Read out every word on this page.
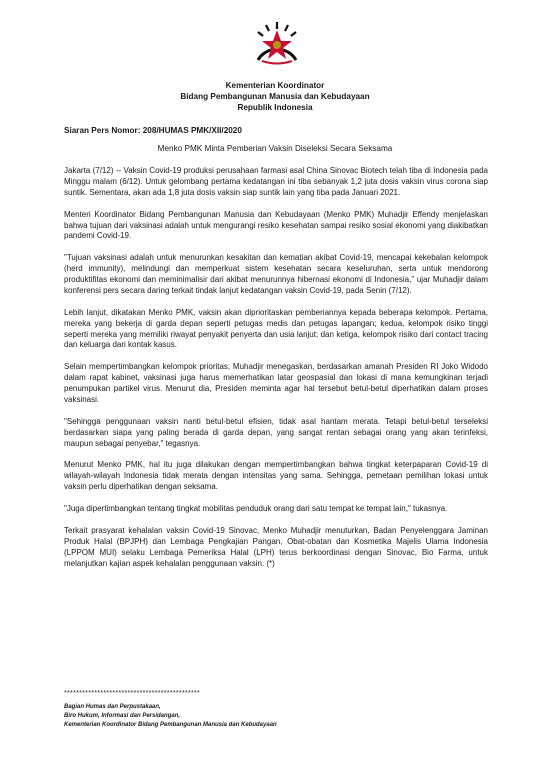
Kementerian Koordinator
Bidang Pembangunan Manusia dan Kebudayaan
Republik Indonesia
Siaran Pers Nomor: 208/HUMAS PMK/XII/2020
Menko PMK Minta Pemberian Vaksin Diseleksi Secara Seksama

Jakarta (7/12) -- Vaksin Covid-19 produksi perusahaan farmasi asal China Sinovac Biotech telah tiba di Indonesia pada Minggu malam (6/12). Untuk gelombang pertama kedatangan ini tiba sebanyak 1,2 juta dosis vaksin virus corona siap suntik. Sementara, akan ada 1,8 juta dosis vaksin siap suntik lain yang tiba pada Januari 2021.

Menteri Koordinator Bidang Pembangunan Manusia dan Kebudayaan (Menko PMK) Muhadjir Effendy menjelaskan bahwa tujuan dari vaksinasi adalah untuk mengurangi resiko kesehatan sampai resiko sosial ekonomi yang diakibatkan pandemi Covid-19.

"Tujuan vaksinasi adalah untuk menurunkan kesakitan dan kematian akibat Covid-19, mencapai kekebalan kelompok (herd immunity), melindungi dan memperkuat sistem kesehatan secara keseluruhan, serta untuk mendorong produktifitas ekonomi dan meminimalisir dari akibat menurunnya hibernasi ekonomi di Indonesia," ujar Muhadjir dalam konferensi pers secara daring terkait tindak lanjut kedatangan vaksin Covid-19, pada Senin (7/12).

Lebih lanjut, dikatakan Menko PMK, vaksin akan diprioritaskan pemberiannya kepada beberapa kelompok. Pertama, mereka yang bekerja di garda depan seperti petugas medis dan petugas lapangan; kedua, kelompok risiko tinggi seperti mereka yang memiliki riwayat penyakit penyerta dan usia lanjut; dan ketiga, kelompok risiko dari contact tracing dan keluarga dari kontak kasus.

Selain mempertimbangkan kelompok prioritas, Muhadjir menegaskan, berdasarkan amanah Presiden RI Joko Widodo dalam rapat kabinet, vaksinasi juga harus memerhatikan latar geospasial dan lokasi di mana kemungkinan terjadi penumpukan partikel virus. Menurut dia, Presiden meminta agar hal tersebut betul-betul diperhatikan dalam proses vaksinasi.

"Sehingga penggunaan vaksin nanti betul-betul efisien, tidak asal hantam merata. Tetapi betul-betul terseleksi berdasarkan siapa yang paling berada di garda depan, yang sangat rentan sebagai orang yang akan terinfeksi, maupun sebagai penyebar," tegasnya.

Menurut Menko PMK, hal itu juga dilakukan dengan mempertimbangkan bahwa tingkat keterpaparan Covid-19 di wilayah-wilayah Indonesia tidak merata dengan intensitas yang sama. Sehingga, pemetaan pemilihan lokasi untuk vaksin perlu diperhatikan dengan seksama.

"Juga dipertimbangkan tentang tingkat mobilitas penduduk orang dari satu tempat ke tempat lain," tukasnya.

Terkait prasyarat kehalalan vaksin Covid-19 Sinovac, Menko Muhadjir menuturkan, Badan Penyelenggara Jaminan Produk Halal (BPJPH) dan Lembaga Pengkajian Pangan, Obat-obatan dan Kosmetika Majelis Ulama Indonesia (LPPOM MUI) selaku Lembaga Pemeriksa Halal (LPH) terus berkoordinasi dengan Sinovac, Bio Farma, untuk melanjutkan kajian aspek kehalalan penggunaan vaksin. (*)

*********************************************
Bagian Humas dan Perpustakaan,
Biro Hukum, Informasi dan Persidangan,
Kementerian Koordinator Bidang Pembangunan Manusia dan Kebudayaan
